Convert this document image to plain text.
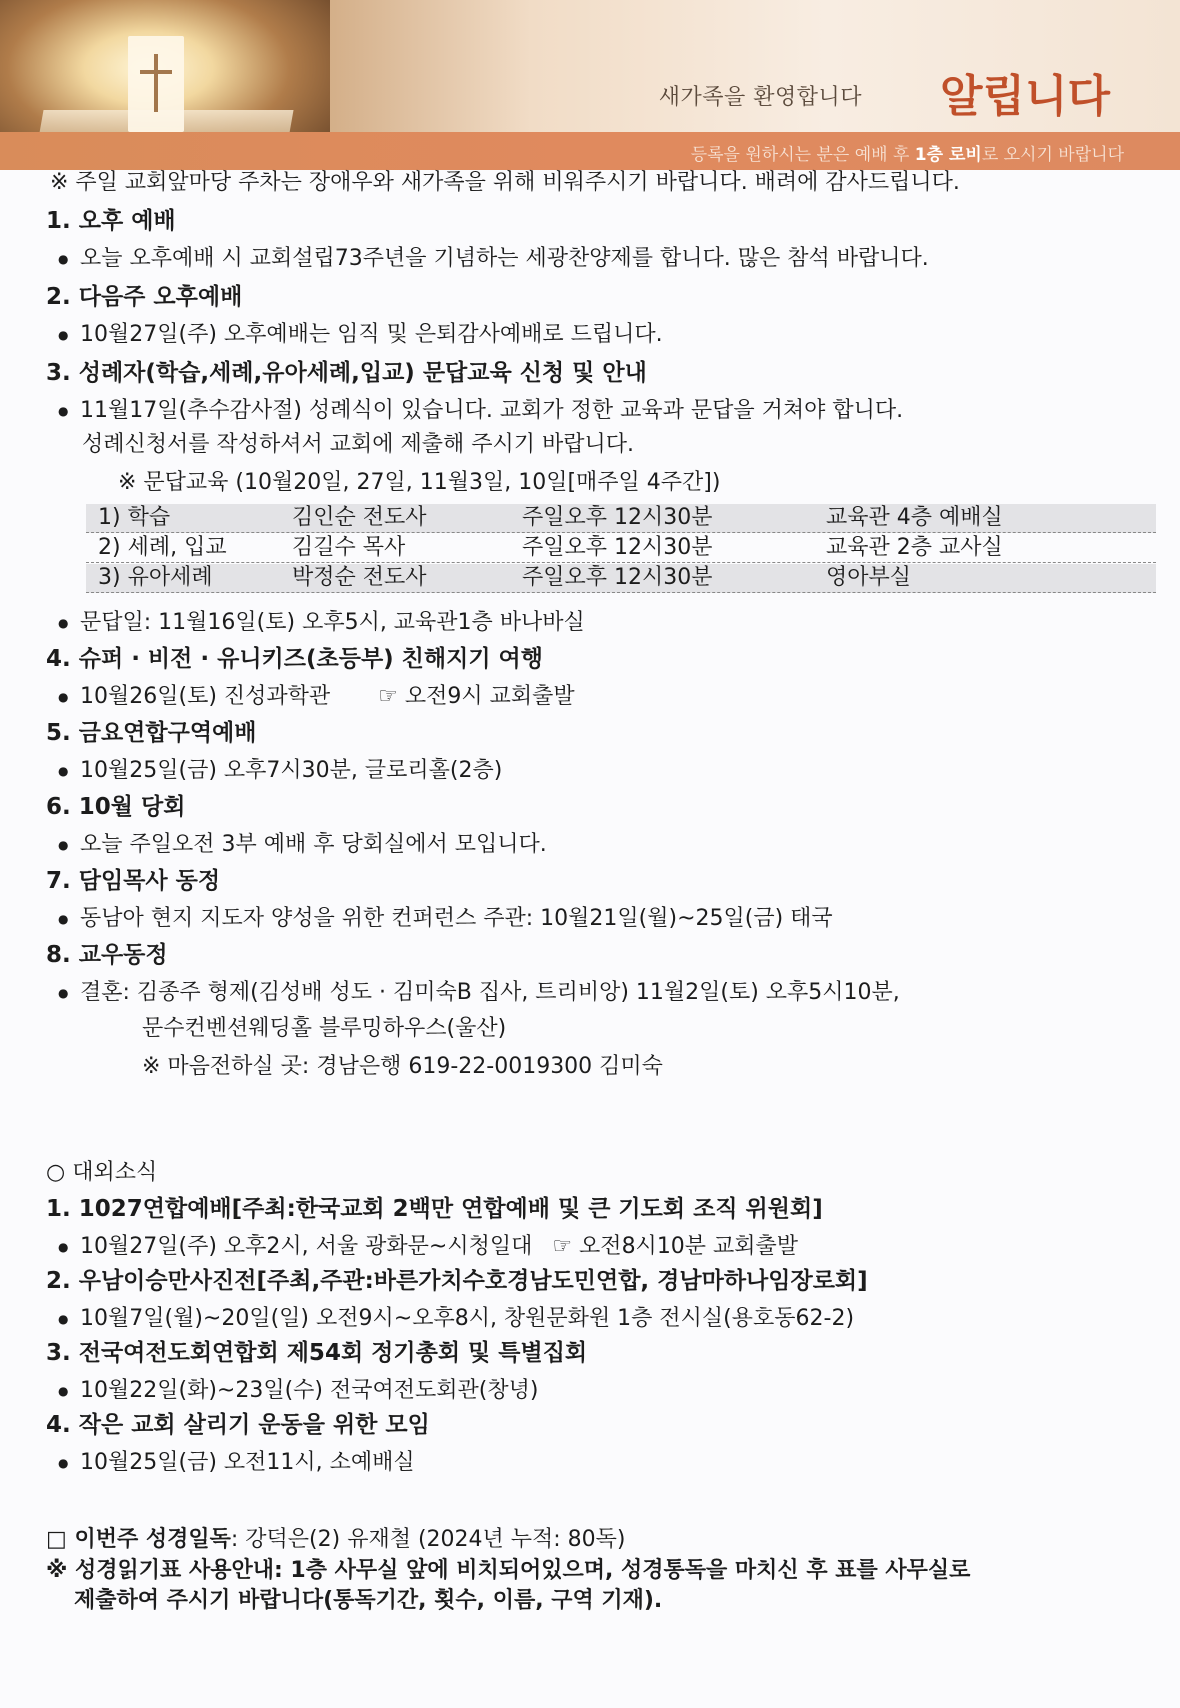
새가족을 환영합니다 알립니다
등록을 원하시는 분은 예배 후 1층 로비로 오시기 바랍니다
※ 주일 교회앞마당 주차는 장애우와 새가족을 위해 비워주시기 바랍니다. 배려에 감사드립니다.
1. 오후 예배
● 오늘 오후예배 시 교회설립73주년을 기념하는 세광찬양제를 합니다. 많은 참석 바랍니다.
2. 다음주 오후예배
● 10월27일(주) 오후예배는 임직 및 은퇴감사예배로 드립니다.
3. 성례자(학습,세례,유아세례,입교) 문답교육 신청 및 안내
● 11월17일(추수감사절) 성례식이 있습니다. 교회가 정한 교육과 문답을 거쳐야 합니다.
성례신청서를 작성하셔서 교회에 제출해 주시기 바랍니다.
※ 문답교육 (10월20일, 27일, 11월3일, 10일[매주일 4주간])
1) 학습	김인순 전도사	주일오후 12시30분	교육관 4층 예배실
2) 세례, 입교	김길수 목사	주일오후 12시30분	교육관 2층 교사실
3) 유아세례	박정순 전도사	주일오후 12시30분	영아부실
● 문답일: 11월16일(토) 오후5시, 교육관1층 바나바실
4. 슈퍼 · 비전 · 유니키즈(초등부) 친해지기 여행
● 10월26일(토) 진성과학관 ☞ 오전9시 교회출발
5. 금요연합구역예배
● 10월25일(금) 오후7시30분, 글로리홀(2층)
6. 10월 당회
● 오늘 주일오전 3부 예배 후 당회실에서 모입니다.
7. 담임목사 동정
● 동남아 현지 지도자 양성을 위한 컨퍼런스 주관: 10월21일(월)~25일(금) 태국
8. 교우동정
● 결혼: 김종주 형제(김성배 성도 · 김미숙B 집사, 트리비앙) 11월2일(토) 오후5시10분,
문수컨벤션웨딩홀 블루밍하우스(울산)
※ 마음전하실 곳: 경남은행 619-22-0019300 김미숙
○ 대외소식
1. 1027연합예배[주최:한국교회 2백만 연합예배 및 큰 기도회 조직 위원회]
● 10월27일(주) 오후2시, 서울 광화문~시청일대 ☞ 오전8시10분 교회출발
2. 우남이승만사진전[주최,주관:바른가치수호경남도민연합, 경남마하나임장로회]
● 10월7일(월)~20일(일) 오전9시~오후8시, 창원문화원 1층 전시실(용호동62-2)
3. 전국여전도회연합회 제54회 정기총회 및 특별집회
● 10월22일(화)~23일(수) 전국여전도회관(창녕)
4. 작은 교회 살리기 운동을 위한 모임
● 10월25일(금) 오전11시, 소예배실
□ 이번주 성경일독: 강덕은(2) 유재철 (2024년 누적: 80독)
※ 성경읽기표 사용안내: 1층 사무실 앞에 비치되어있으며, 성경통독을 마치신 후 표를 사무실로
제출하여 주시기 바랍니다(통독기간, 횟수, 이름, 구역 기재).
